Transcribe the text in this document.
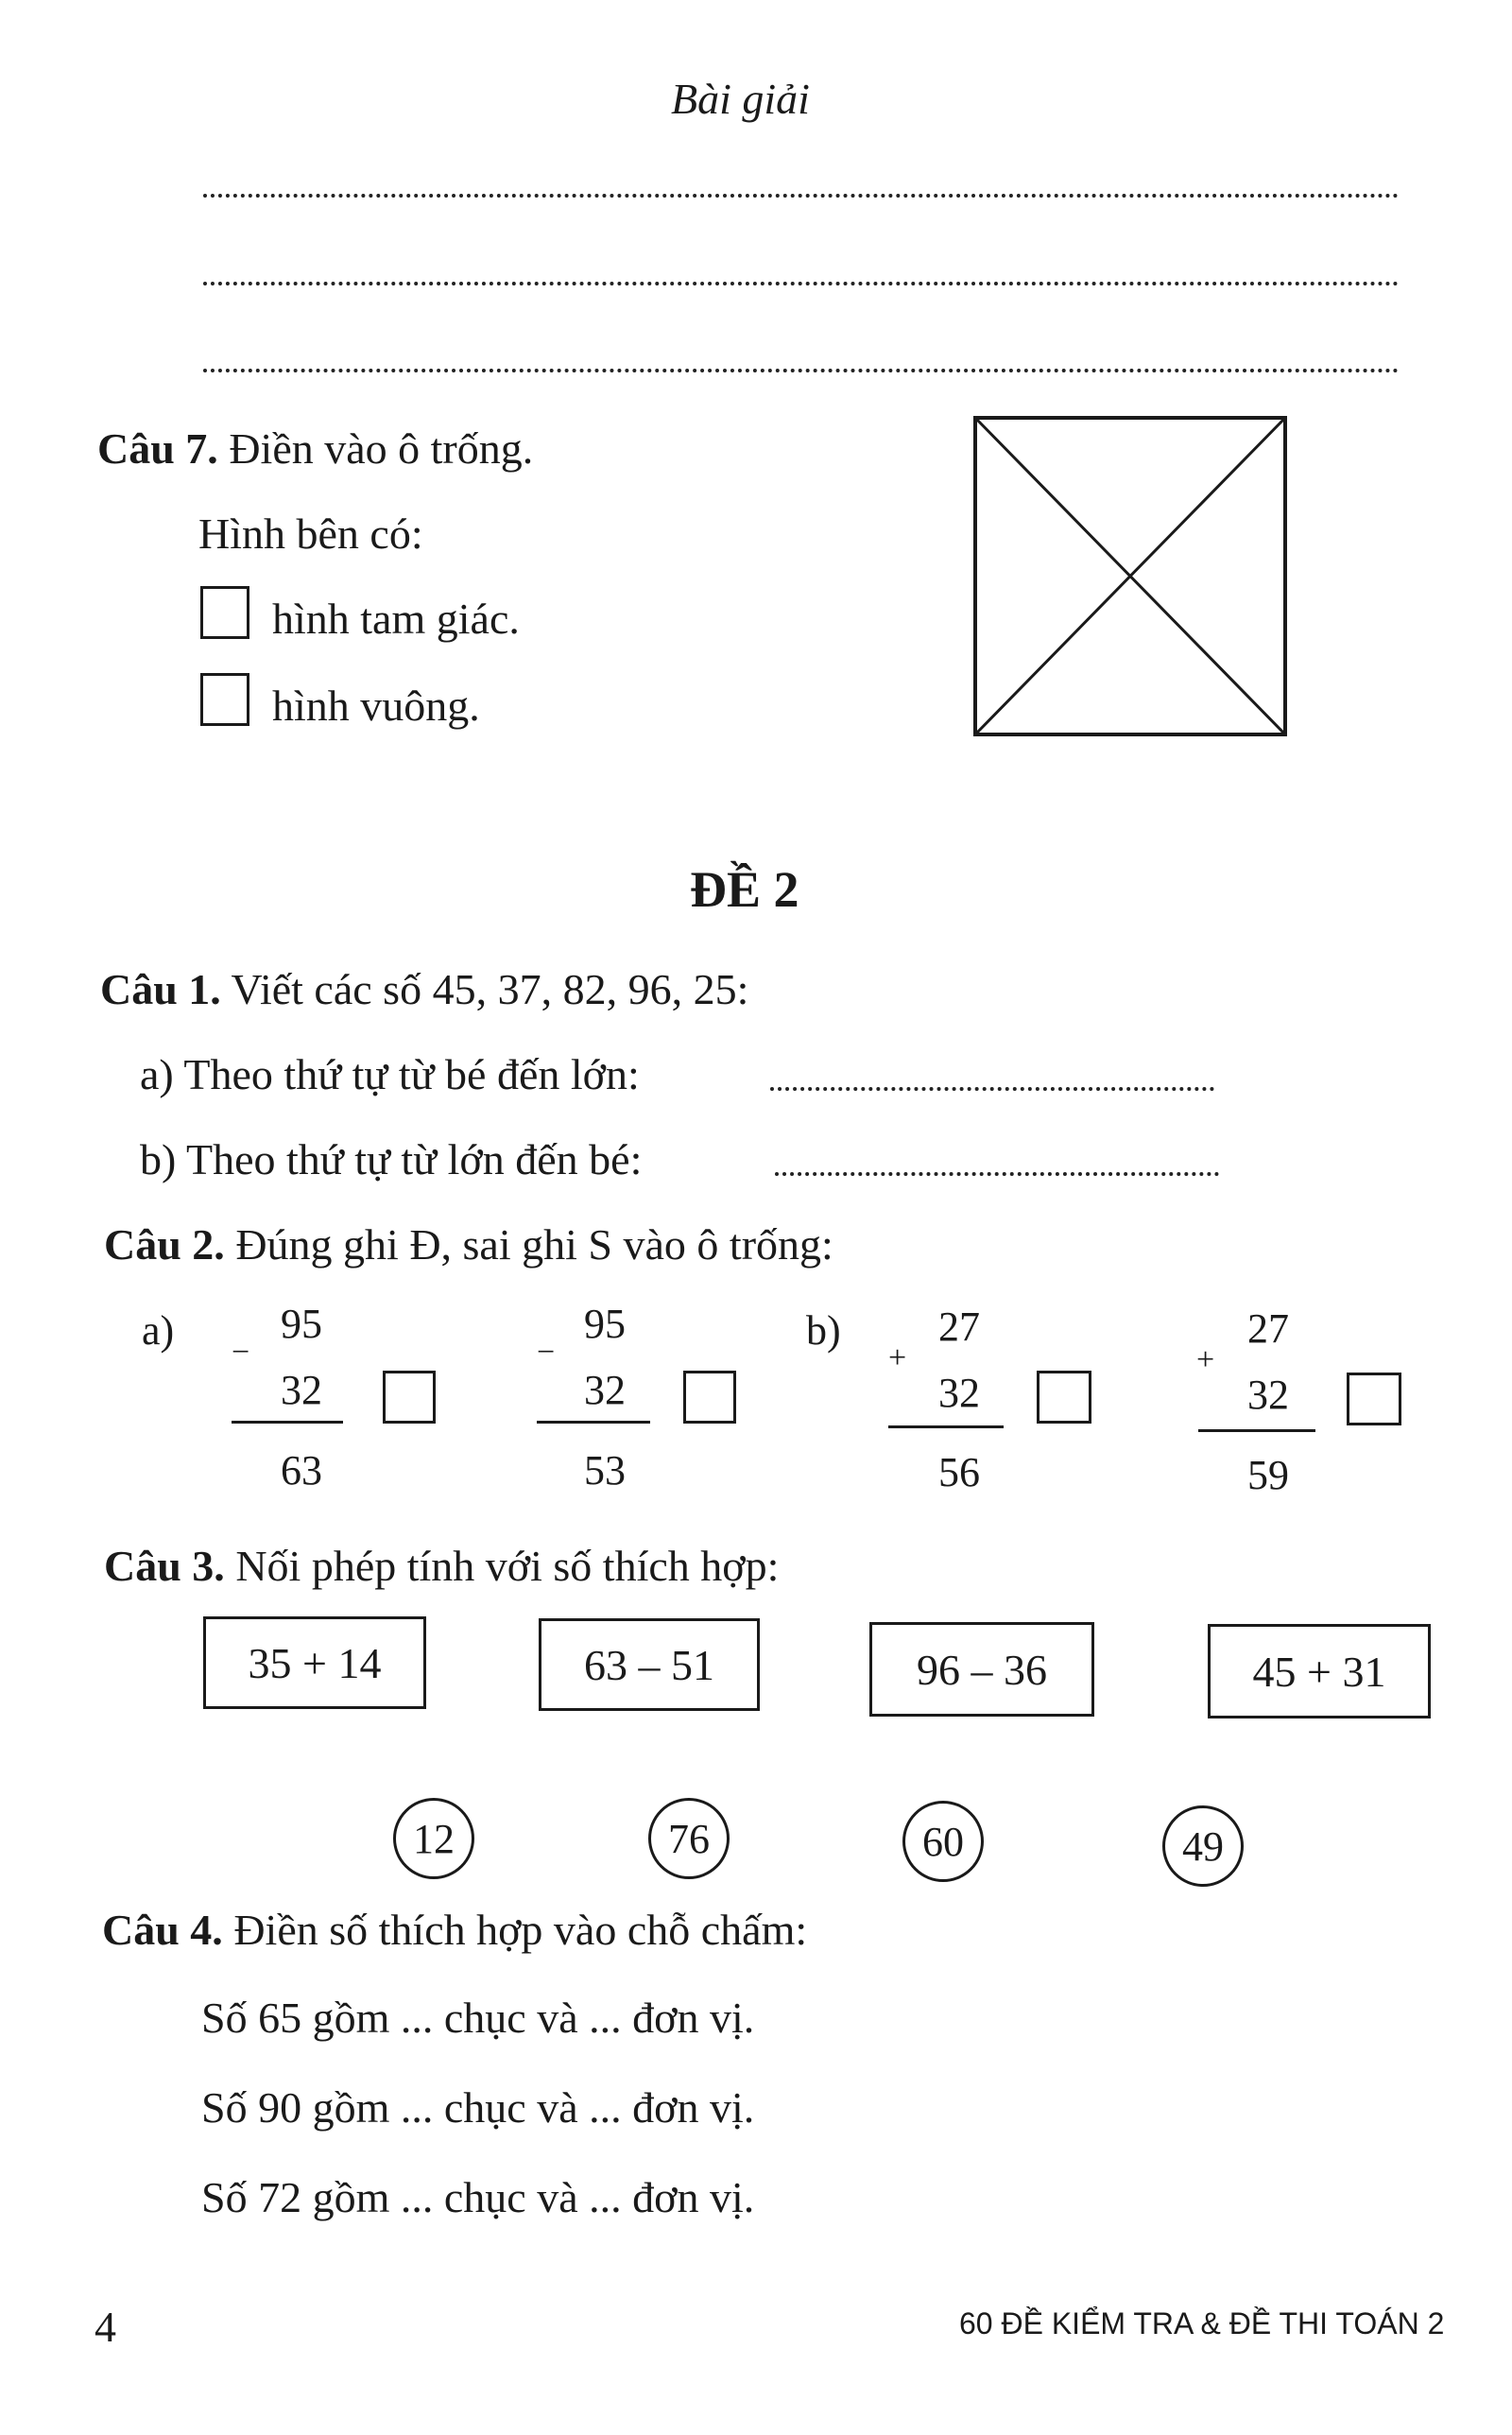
Bài giải
Câu 7. Điền vào ô trống.
Hình bên có:
hình tam giác.
hình vuông.
ĐỀ 2
Câu 1. Viết các số 45, 37, 82, 96, 25:
a) Theo thứ tự từ bé đến lớn:
b) Theo thứ tự từ lớn đến bé:
Câu 2. Đúng ghi Đ, sai ghi S vào ô trống:
a)	b)
95
−
32
63
95
−
32
53
27
+
32
56
27
+
32
59
Câu 3. Nối phép tính với số thích hợp:
35 + 14	63 – 51	96 – 36	45 + 31
12	76	60	49
Câu 4. Điền số thích hợp vào chỗ chấm:
Số 65 gồm ... chục và ... đơn vị.
Số 90 gồm ... chục và ... đơn vị.
Số 72 gồm ... chục và ... đơn vị.
4	60 ĐỀ KIỂM TRA & ĐỀ THI TOÁN 2
